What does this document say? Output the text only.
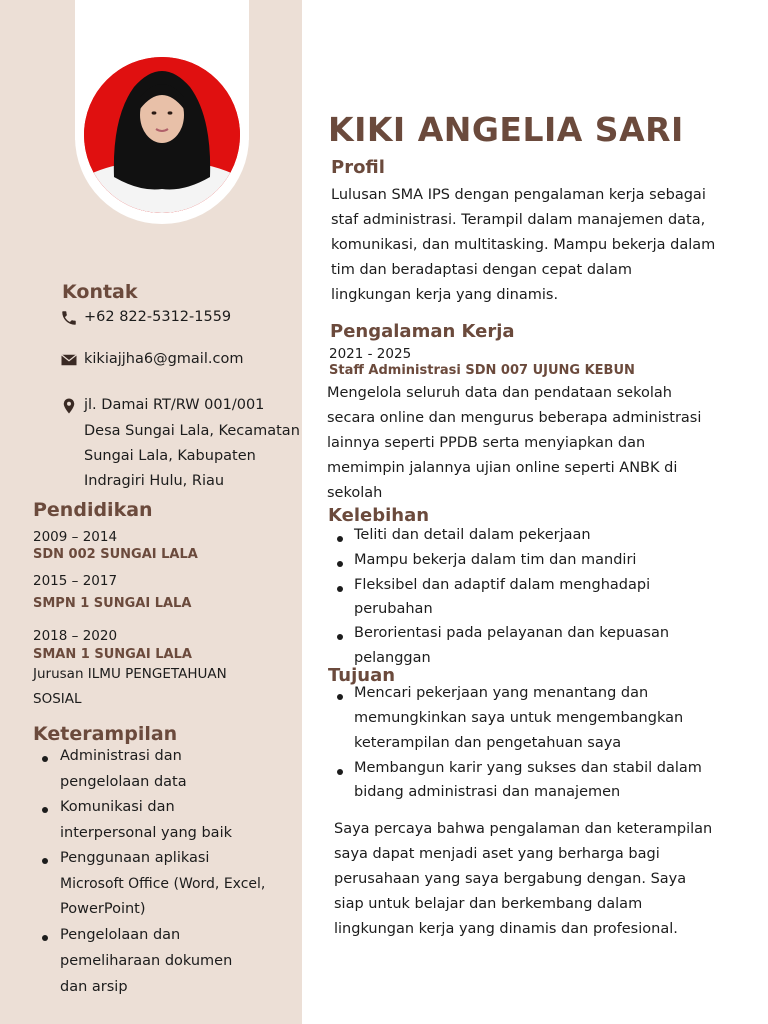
Kontak
+62 822-5312-1559
kikiajjha6@gmail.com
jl. Damai RT/RW 001/001
Desa Sungai Lala, Kecamatan
Sungai Lala, Kabupaten
Indragiri Hulu, Riau
Pendidikan
2009 – 2014
SDN 002 SUNGAI LALA
2015 – 2017
SMPN 1 SUNGAI LALA
2018 – 2020
SMAN 1 SUNGAI LALA
Jurusan ILMU PENGETAHUAN
SOSIAL
Keterampilan
Administrasi dan
pengelolaan data
Komunikasi dan
interpersonal yang baik
Penggunaan aplikasi
Microsoft Office (Word, Excel,
PowerPoint)
Pengelolaan dan
pemeliharaan dokumen
dan arsip
KIKI ANGELIA SARI
Profil
Lulusan SMA IPS dengan pengalaman kerja sebagai
staf administrasi. Terampil dalam manajemen data,
komunikasi, dan multitasking. Mampu bekerja dalam
tim dan beradaptasi dengan cepat dalam
lingkungan kerja yang dinamis.
Pengalaman Kerja
2021 - 2025
Staff Administrasi SDN 007 UJUNG KEBUN
Mengelola seluruh data dan pendataan sekolah
secara online dan mengurus beberapa administrasi
lainnya seperti PPDB serta menyiapkan dan
memimpin jalannya ujian online seperti ANBK di
sekolah
Kelebihan
Teliti dan detail dalam pekerjaan
Mampu bekerja dalam tim dan mandiri
Fleksibel dan adaptif dalam menghadapi
perubahan
Berorientasi pada pelayanan dan kepuasan
pelanggan
Tujuan
Mencari pekerjaan yang menantang dan
memungkinkan saya untuk mengembangkan
keterampilan dan pengetahuan saya
Membangun karir yang sukses dan stabil dalam
bidang administrasi dan manajemen
Saya percaya bahwa pengalaman dan keterampilan
saya dapat menjadi aset yang berharga bagi
perusahaan yang saya bergabung dengan. Saya
siap untuk belajar dan berkembang dalam
lingkungan kerja yang dinamis dan profesional.
